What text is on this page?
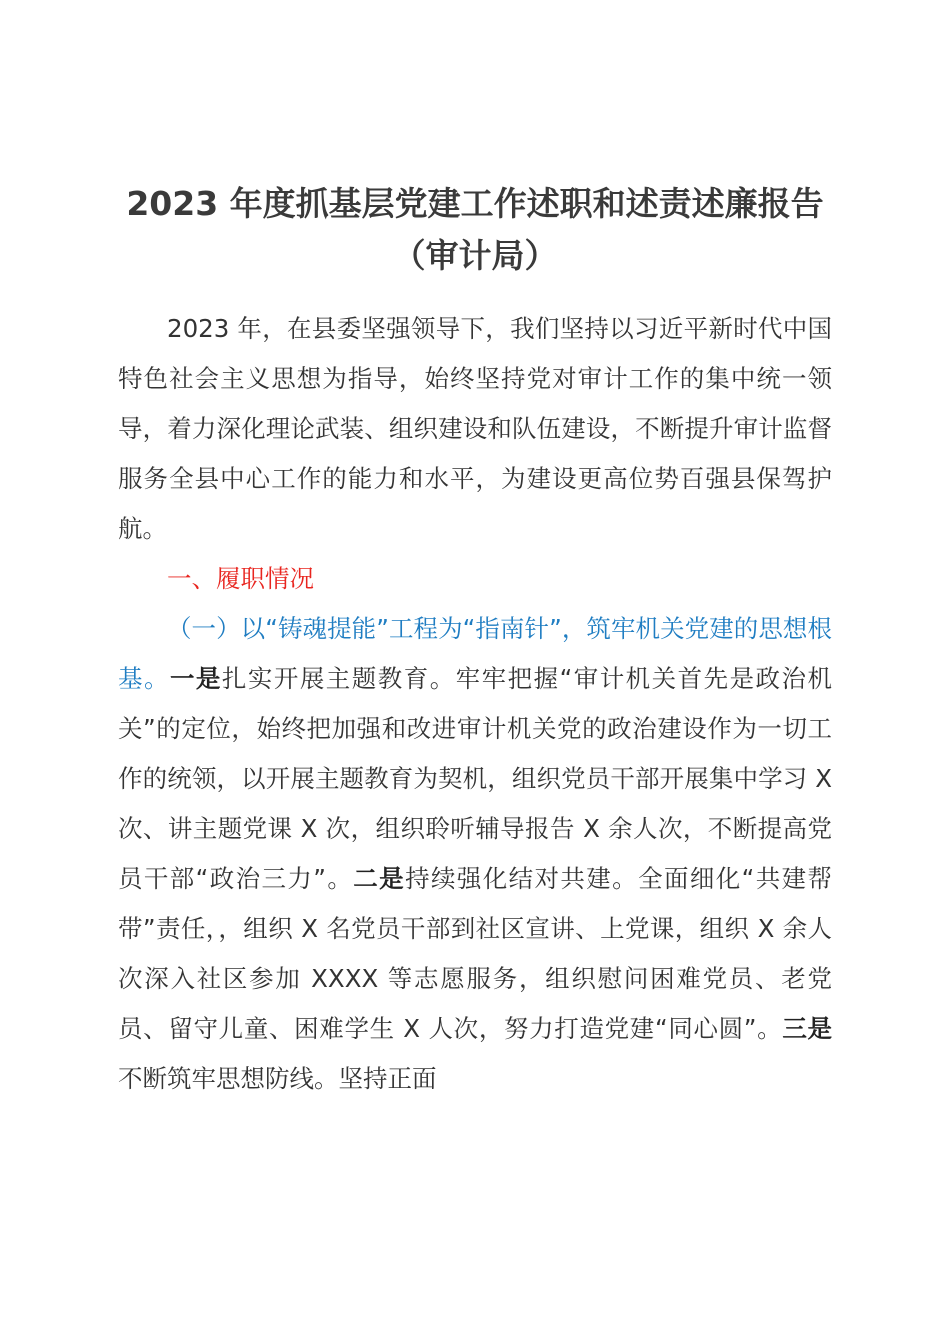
2023 年度抓基层党建工作述职和述责述廉报告（审计局）

2023 年，在县委坚强领导下，我们坚持以习近平新时代中国特色社会主义思想为指导，始终坚持党对审计工作的集中统一领导，着力深化理论武装、组织建设和队伍建设，不断提升审计监督服务全县中心工作的能力和水平，为建设更高位势百强县保驾护航。

一、履职情况

（一）以“铸魂提能”工程为“指南针”，筑牢机关党建的思想根基。一是扎实开展主题教育。牢牢把握“审计机关首先是政治机关”的定位，始终把加强和改进审计机关党的政治建设作为一切工作的统领，以开展主题教育为契机，组织党员干部开展集中学习 X 次、讲主题党课 X 次，组织聆听辅导报告 X 余人次，不断提高党员干部“政治三力”。二是持续强化结对共建。全面细化“共建帮带”责任，，组织 X 名党员干部到社区宣讲、上党课，组织 X 余人次深入社区参加 XXXX 等志愿服务，组织慰问困难党员、老党员、留守儿童、困难学生 X 人次，努力打造党建“同心圆”。三是不断筑牢思想防线。坚持正面
